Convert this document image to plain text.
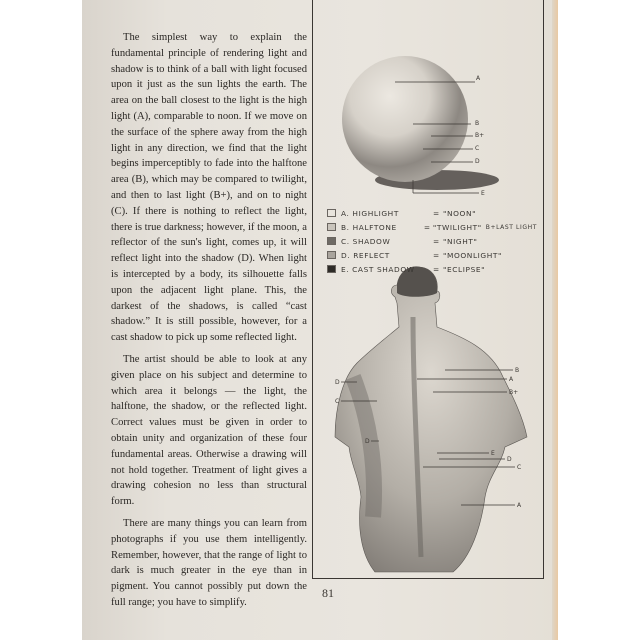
The simplest way to explain the fundamental principle of rendering light and shadow is to think of a ball with light focused upon it just as the sun lights the earth. The area on the ball closest to the light is the high light (A), comparable to noon. If we move on the surface of the sphere away from the high light in any direction, we find that the light begins imperceptibly to fade into the halftone area (B), which may be compared to twilight, and then to last light (B+), and on to night (C). If there is nothing to reflect the light, there is true darkness; however, if the moon, a reflector of the sun's light, comes up, it will reflect light into the shadow (D). When light is intercepted by a body, its silhouette falls upon the adjacent light plane. This, the darkest of the shadows, is called “cast shadow.” It is still possible, however, for a cast shadow to pick up some reflected light.

The artist should be able to look at any given place on his subject and determine to which area it belongs — the light, the halftone, the shadow, or the reflected light. Correct values must be given in order to obtain unity and organization of these four fundamental areas. Otherwise a drawing will not hold together. Treatment of light gives a drawing cohesion no less than structural form.

There are many things you can learn from photographs if you use them intelligently. Remember, however, that the range of light to dark is much greater in the eye than in pigment. You cannot possibly put down the full range; you have to simplify.

A
B
B+
C
D
E
B
A
B+
D
C
D
E
D
C
A
A. HIGHLIGHT	= "NOON"
B. HALFTONE	= "TWILIGHT" B+LAST LIGHT
C. SHADOW	= "NIGHT"
D. REFLECT	= "MOONLIGHT"
E. CAST SHADOW	= "ECLIPSE"
81
